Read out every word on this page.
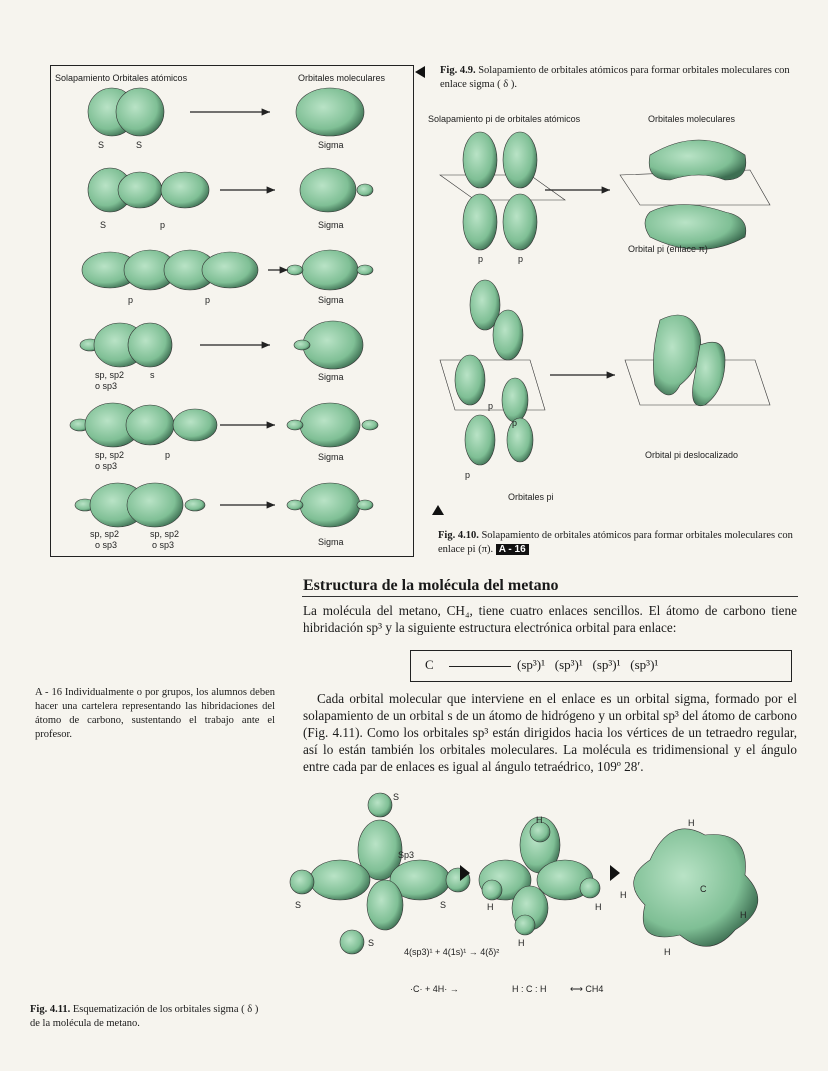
S	S	Sigma
S	p	Sigma
p	p	Sigma
sp, sp2
o sp3
s	Sigma
sp, sp2
o sp3
p	Sigma
sp, sp2
o sp3
sp, sp2
o sp3	Sigma
Solapamiento pi de orbitales atómicos	Orbitales moleculares
p	p
Orbital pi (enlace π)
p
p
p
Orbital pi deslocalizado
Orbitales pi
S
Sp3
S	S
S
H
H	H
H
H
H
H
H
C
4(sp3)¹ + 4(1s)¹ → 4(δ)²
·C· + 4H· →	H : C : H	⟷ CH4
Solapamiento Orbitales atómicos	Orbitales moleculares
Fig. 4.9. Solapamiento de orbitales atómicos para formar orbitales moleculares con enlace sigma ( δ ).
Fig. 4.10. Solapamiento de orbitales atómicos para formar orbitales moleculares con enlace pi (π). A - 16
A - 16 Individualmente o por grupos, los alumnos deben hacer una cartelera representando las hibridaciones del átomo de carbono, sustentando el trabajo ante el profesor.
Estructura de la molécula del metano
La molécula del metano, CH₄, tiene cuatro enlaces sencillos. El átomo de carbono tiene hibridación sp³ y la siguiente estructura electrónica orbital para enlace:
C	(sp³)¹   (sp³)¹   (sp³)¹   (sp³)¹
Cada orbital molecular que interviene en el enlace es un orbital sigma, formado por el solapamiento de un orbital s de un átomo de hidrógeno y un orbital sp³ del átomo de carbono (Fig. 4.11). Como los orbitales sp³ están dirigidos hacia los vértices de un tetraedro regular, así lo están también los orbitales moleculares. La molécula es tridimensional y el ángulo entre cada par de enlaces es igual al ángulo tetraédrico, 109º 28′.
Fig. 4.11. Esquematización de los orbitales sigma ( δ ) de la molécula de metano.
